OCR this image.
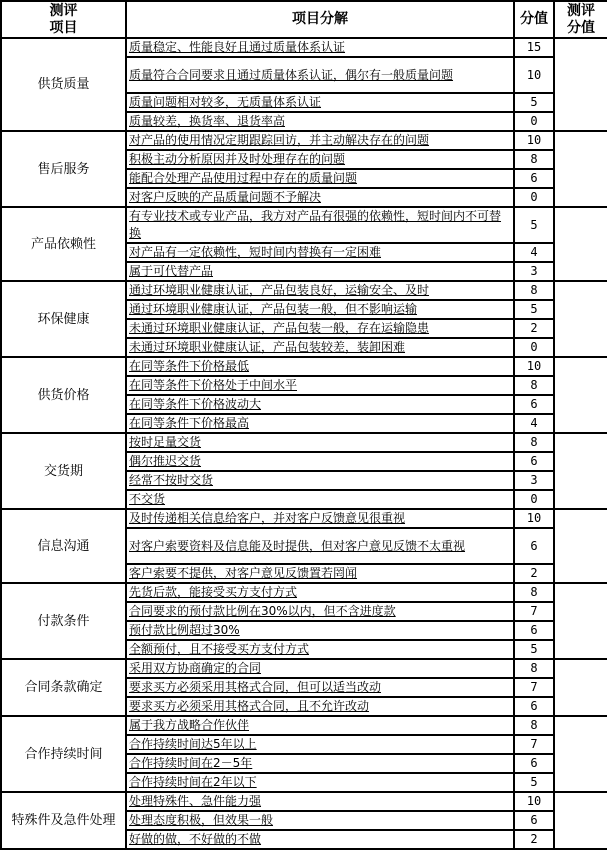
测评
项目	项目分解	分值	测评
分值

供货质量	质量稳定、性能良好且通过质量体系认证	15	
	质量符合合同要求且通过质量体系认证，偶尔有一般质量问题	10	
	质量问题相对较多，无质量体系认证	5	
	质量较差，换货率、退货率高	0	
售后服务	对产品的使用情况定期跟踪回访，并主动解决存在的问题	10	
	积极主动分析原因并及时处理存在的问题	8	
	能配合处理产品使用过程中存在的质量问题	6	
	对客户反映的产品质量问题不予解决	0	
产品依赖性	有专业技术或专业产品，我方对产品有很强的依赖性，短时间内不可替换	5	
	对产品有一定依赖性，短时间内替换有一定困难	4	
	属于可代替产品	3	
环保健康	通过环境职业健康认证，产品包装良好，运输安全、及时	8	
	通过环境职业健康认证，产品包装一般，但不影响运输	5	
	未通过环境职业健康认证，产品包装一般，存在运输隐患	2	
	未通过环境职业健康认证，产品包装较差，装卸困难	0	
供货价格	在同等条件下价格最低	10	
	在同等条件下价格处于中间水平	8	
	在同等条件下价格波动大	6	
	在同等条件下价格最高	4	
交货期	按时足量交货	8	
	偶尔推迟交货	6	
	经常不按时交货	3	
	不交货	0	
信息沟通	及时传递相关信息给客户，并对客户反馈意见很重视	10	
	对客户索要资料及信息能及时提供，但对客户意见反馈不太重视	6	
	客户索要不提供，对客户意见反馈置若罔闻	2	
付款条件	先货后款，能接受买方支付方式	8	
	合同要求的预付款比例在30%以内，但不含进度款	7	
	预付款比例超过30%	6	
	全额预付，且不接受买方支付方式	5	
合同条款确定	采用双方协商确定的合同	8	
	要求买方必须采用其格式合同，但可以适当改动	7	
	要求买方必须采用其格式合同，且不允许改动	6	
合作持续时间	属于我方战略合作伙伴	8	
	合作持续时间达5年以上	7	
	合作持续时间在2－5年	6	
	合作持续时间在2年以下	5	
特殊件及急件处理	处理特殊件、急件能力强	10	
	处理态度积极，但效果一般	6	
	好做的做，不好做的不做	2	
